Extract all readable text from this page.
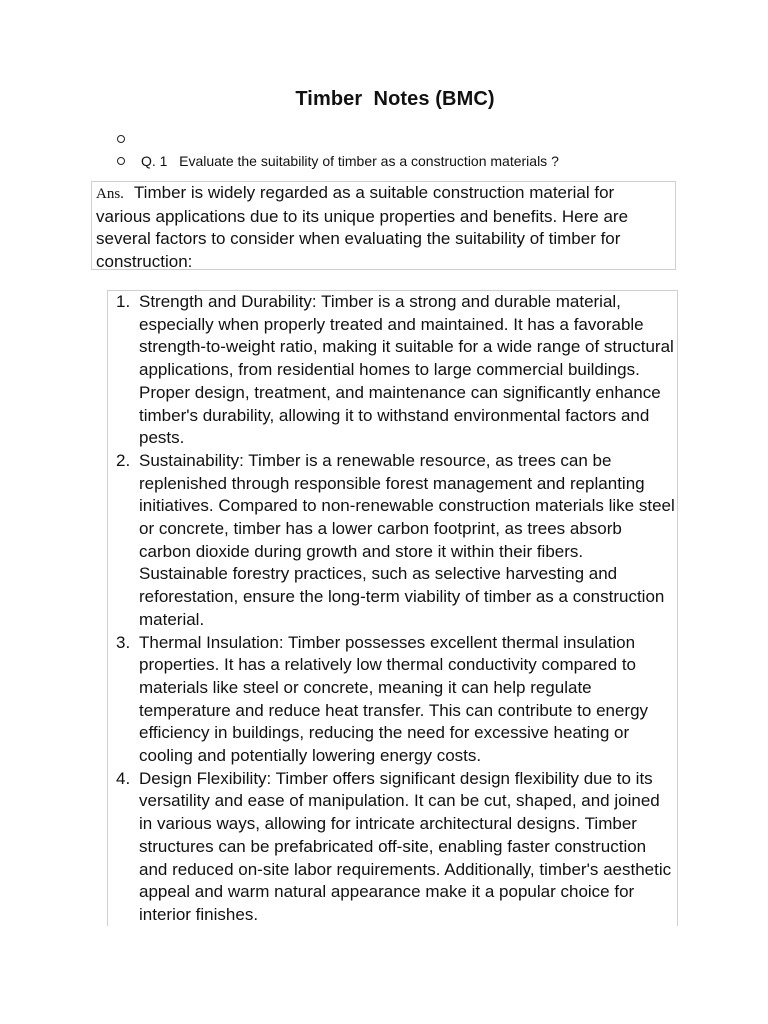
Timber  Notes (BMC)
Q. 1   Evaluate the suitability of timber as a construction materials ?
Ans. Timber is widely regarded as a suitable construction material for various applications due to its unique properties and benefits. Here are several factors to consider when evaluating the suitability of timber for construction:
1. Strength and Durability: Timber is a strong and durable material, especially when properly treated and maintained. It has a favorable strength-to-weight ratio, making it suitable for a wide range of structural applications, from residential homes to large commercial buildings. Proper design, treatment, and maintenance can significantly enhance timber's durability, allowing it to withstand environmental factors and pests.
2. Sustainability: Timber is a renewable resource, as trees can be replenished through responsible forest management and replanting initiatives. Compared to non-renewable construction materials like steel or concrete, timber has a lower carbon footprint, as trees absorb carbon dioxide during growth and store it within their fibers. Sustainable forestry practices, such as selective harvesting and reforestation, ensure the long-term viability of timber as a construction material.
3. Thermal Insulation: Timber possesses excellent thermal insulation properties. It has a relatively low thermal conductivity compared to materials like steel or concrete, meaning it can help regulate temperature and reduce heat transfer. This can contribute to energy efficiency in buildings, reducing the need for excessive heating or cooling and potentially lowering energy costs.
4. Design Flexibility: Timber offers significant design flexibility due to its versatility and ease of manipulation. It can be cut, shaped, and joined in various ways, allowing for intricate architectural designs. Timber structures can be prefabricated off-site, enabling faster construction and reduced on-site labor requirements. Additionally, timber's aesthetic appeal and warm natural appearance make it a popular choice for interior finishes.
